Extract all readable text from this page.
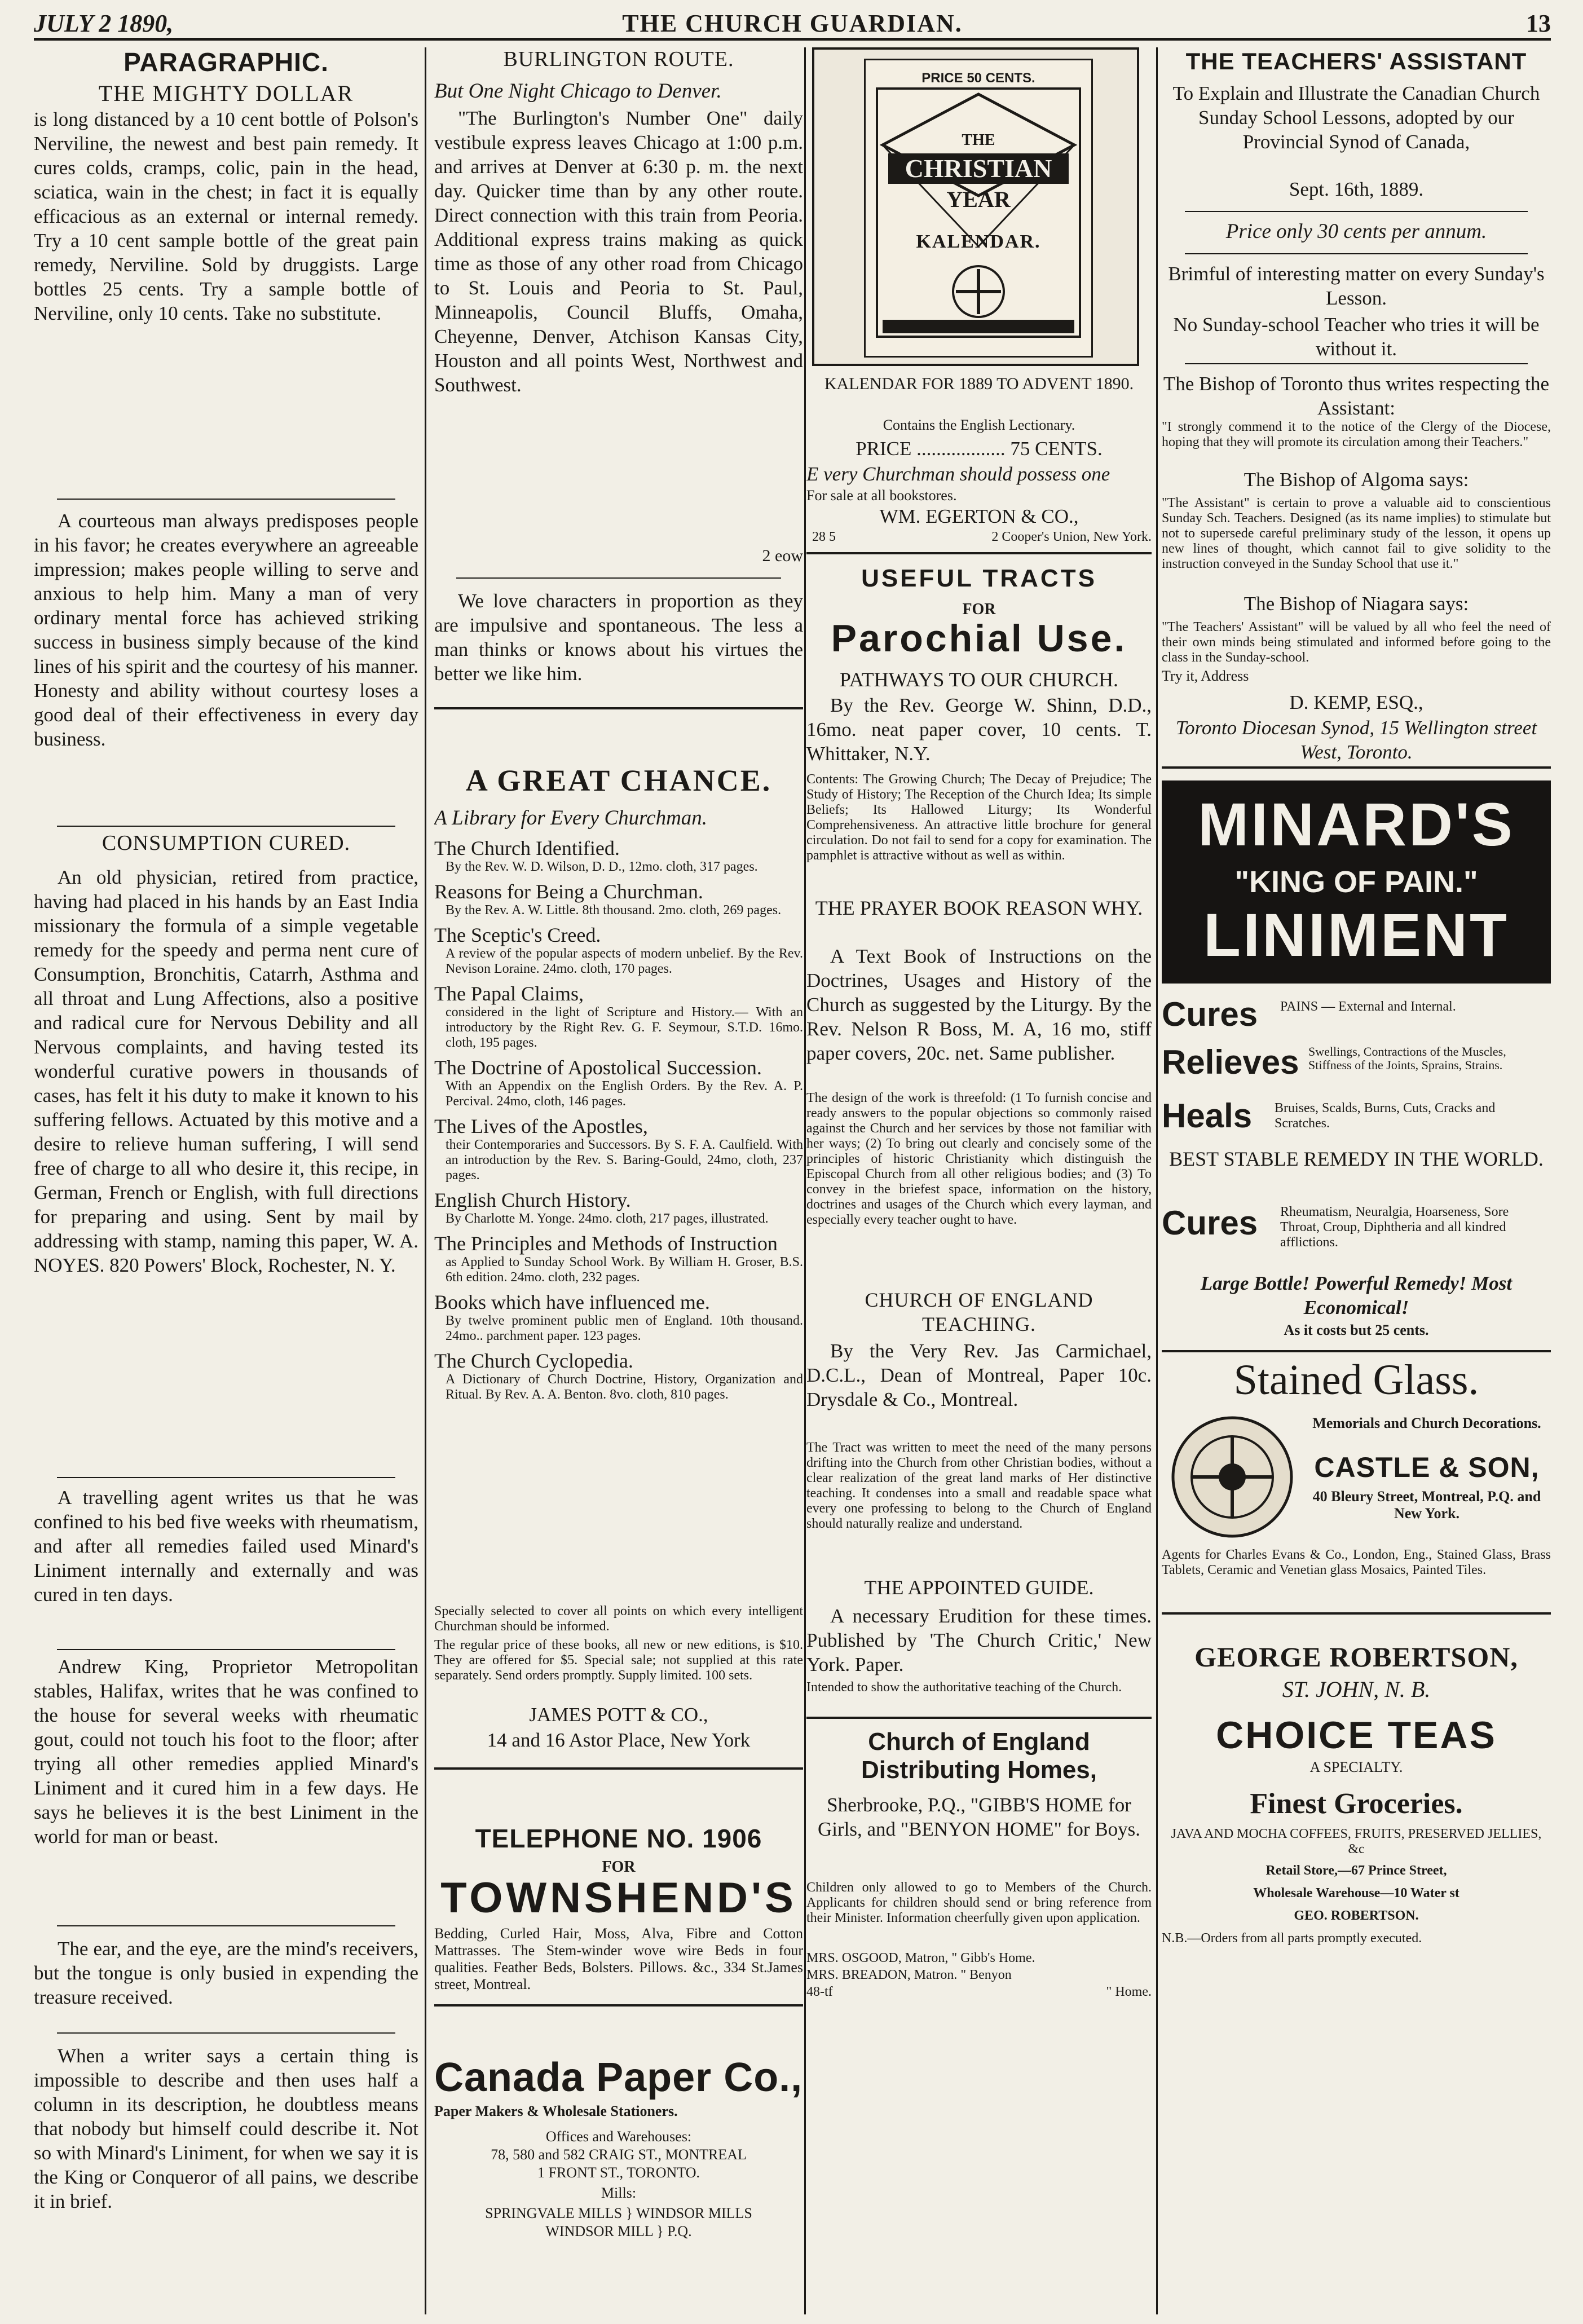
JULY 2 1890,	THE CHURCH GUARDIAN.	13
PARAGRAPHIC.
THE MIGHTY DOLLAR
is long distanced by a 10 cent bottle of Polson's Nerviline, the newest and best pain remedy. It cures colds, cramps, colic, pain in the head, sciatica, wain in the chest; in fact it is equally efficacious as an external or internal remedy. Try a 10 cent sample bottle of the great pain remedy, Nerviline. Sold by druggists. Large bottles 25 cents. Try a sample bottle of Nerviline, only 10 cents. Take no substitute.
A courteous man always predisposes people in his favor; he creates everywhere an agreeable impression; makes people willing to serve and anxious to help him. Many a man of very ordinary mental force has achieved striking success in business simply because of the kind lines of his spirit and the courtesy of his manner. Honesty and ability without courtesy loses a good deal of their effectiveness in every day business.
CONSUMPTION CURED.
An old physician, retired from practice, having had placed in his hands by an East India missionary the formula of a simple vegetable remedy for the speedy and perma nent cure of Consumption, Bronchitis, Catarrh, Asthma and all throat and Lung Affections, also a positive and radical cure for Nervous Debility and all Nervous complaints, and having tested its wonderful curative powers in thousands of cases, has felt it his duty to make it known to his suffering fellows. Actuated by this motive and a desire to relieve human suffering, I will send free of charge to all who desire it, this recipe, in German, French or English, with full directions for preparing and using. Sent by mail by addressing with stamp, naming this paper, W. A. NOYES. 820 Powers' Block, Rochester, N. Y.
A travelling agent writes us that he was confined to his bed five weeks with rheumatism, and after all remedies failed used Minard's Liniment internally and externally and was cured in ten days.
Andrew King, Proprietor Metropolitan stables, Halifax, writes that he was confined to the house for several weeks with rheumatic gout, could not touch his foot to the floor; after trying all other remedies applied Minard's Liniment and it cured him in a few days. He says he believes it is the best Liniment in the world for man or beast.
The ear, and the eye, are the mind's receivers, but the tongue is only busied in expending the treasure received.
When a writer says a certain thing is impossible to describe and then uses half a column in its description, he doubtless means that nobody but himself could describe it. Not so with Minard's Liniment, for when we say it is the King or Conqueror of all pains, we describe it in brief.
BURLINGTON ROUTE.
But One Night Chicago to Denver.
"The Burlington's Number One" daily vestibule express leaves Chicago at 1:00 p.m. and arrives at Denver at 6:30 p. m. the next day. Quicker time than by any other route. Direct connection with this train from Peoria. Additional express trains making as quick time as those of any other road from Chicago to St. Louis and Peoria to St. Paul, Minneapolis, Council Bluffs, Omaha, Cheyenne, Denver, Atchison Kansas City, Houston and all points West, Northwest and Southwest.
2 eow
We love characters in proportion as they are impulsive and spontaneous. The less a man thinks or knows about his virtues the better we like him.
A GREAT CHANCE.
A Library for Every Churchman.
The Church Identified.
By the Rev. W. D. Wilson, D. D., 12mo. cloth, 317 pages.
Reasons for Being a Churchman.
By the Rev. A. W. Little. 8th thousand. 2mo. cloth, 269 pages.
The Sceptic's Creed.
A review of the popular aspects of modern unbelief. By the Rev. Nevison Loraine. 24mo. cloth, 170 pages.
The Papal Claims,
considered in the light of Scripture and History.— With an introductory by the Right Rev. G. F. Seymour, S.T.D. 16mo. cloth, 195 pages.
The Doctrine of Apostolical Succession.
With an Appendix on the English Orders. By the Rev. A. P. Percival. 24mo, cloth, 146 pages.
The Lives of the Apostles,
their Contemporaries and Successors. By S. F. A. Caulfield. With an introduction by the Rev. S. Baring-Gould, 24mo, cloth, 237 pages.
English Church History.
By Charlotte M. Yonge. 24mo. cloth, 217 pages, illustrated.
The Principles and Methods of Instruction
as Applied to Sunday School Work. By William H. Groser, B.S. 6th edition. 24mo. cloth, 232 pages.
Books which have influenced me.
By twelve prominent public men of England. 10th thousand. 24mo.. parchment paper. 123 pages.
The Church Cyclopedia.
A Dictionary of Church Doctrine, History, Organization and Ritual. By Rev. A. A. Benton. 8vo. cloth, 810 pages.
Specially selected to cover all points on which every intelligent Churchman should be informed.
The regular price of these books, all new or new editions, is $10. They are offered for $5. Special sale; not supplied at this rate separately. Send orders promptly. Supply limited. 100 sets.
JAMES POTT & CO.,
14 and 16 Astor Place, New York
TELEPHONE NO. 1906
FOR
TOWNSHEND'S
Bedding, Curled Hair, Moss, Alva, Fibre and Cotton Mattrasses. The Stem-winder wove wire Beds in four qualities. Feather Beds, Bolsters. Pillows. &c., 334 St.James street, Montreal.
Canada Paper Co.,
Paper Makers & Wholesale Stationers.
Offices and Warehouses:
78, 580 and 582 CRAIG ST., MONTREAL
1 FRONT ST., TORONTO.
Mills:
SPRINGVALE MILLS } WINDSOR MILLS
WINDSOR MILL } P.Q.
PRICE 50 CENTS.
THE
CHRISTIAN
YEAR
KALENDAR.
KALENDAR FOR 1889 TO ADVENT 1890.
Contains the English Lectionary.
PRICE .................. 75 CENTS.
E very Churchman should possess one
For sale at all bookstores.
WM. EGERTON & CO.,
28 5	2 Cooper's Union, New York.
USEFUL TRACTS
FOR
Parochial Use.
PATHWAYS TO OUR CHURCH.
By the Rev. George W. Shinn, D.D., 16mo. neat paper cover, 10 cents. T. Whittaker, N.Y.
Contents: The Growing Church; The Decay of Prejudice; The Study of History; The Reception of the Church Idea; Its simple Beliefs; Its Hallowed Liturgy; Its Wonderful Comprehensiveness. An attractive little brochure for general circulation. Do not fail to send for a copy for examination. The pamphlet is attractive without as well as within.
THE PRAYER BOOK REASON WHY.
A Text Book of Instructions on the Doctrines, Usages and History of the Church as suggested by the Liturgy. By the Rev. Nelson R Boss, M. A, 16 mo, stiff paper covers, 20c. net. Same publisher.
The design of the work is threefold: (1 To furnish concise and ready answers to the popular objections so commonly raised against the Church and her services by those not familiar with her ways; (2) To bring out clearly and concisely some of the principles of historic Christianity which distinguish the Episcopal Church from all other religious bodies; and (3) To convey in the briefest space, information on the history, doctrines and usages of the Church which every layman, and especially every teacher ought to have.
CHURCH OF ENGLAND TEACHING.
By the Very Rev. Jas Carmichael, D.C.L., Dean of Montreal, Paper 10c. Drysdale & Co., Montreal.
The Tract was written to meet the need of the many persons drifting into the Church from other Christian bodies, without a clear realization of the great land marks of Her distinctive teaching. It condenses into a small and readable space what every one professing to belong to the Church of England should naturally realize and understand.
THE APPOINTED GUIDE.
A necessary Erudition for these times. Published by 'The Church Critic,' New York. Paper.
Intended to show the authoritative teaching of the Church.
Church of England Distributing Homes,
Sherbrooke, P.Q., "GIBB'S HOME for Girls, and "BENYON HOME" for Boys.
Children only allowed to go to Members of the Church. Applicants for children should send or bring reference from their Minister. Information cheerfully given upon application.
MRS. OSGOOD, Matron, " Gibb's Home.
MRS. BREADON, Matron. " Benyon
48-tf	" Home.
THE TEACHERS' ASSISTANT
To Explain and Illustrate the Canadian Church Sunday School Lessons, adopted by our Provincial Synod of Canada,
Sept. 16th, 1889.
Price only 30 cents per annum.
Brimful of interesting matter on every Sunday's Lesson.
No Sunday-school Teacher who tries it will be without it.
The Bishop of Toronto thus writes respecting the Assistant:
"I strongly commend it to the notice of the Clergy of the Diocese, hoping that they will promote its circulation among their Teachers."
The Bishop of Algoma says:
"The Assistant" is certain to prove a valuable aid to conscientious Sunday Sch. Teachers. Designed (as its name implies) to stimulate but not to supersede careful preliminary study of the lesson, it opens up new lines of thought, which cannot fail to give solidity to the instruction conveyed in the Sunday School that use it."
The Bishop of Niagara says:
"The Teachers' Assistant" will be valued by all who feel the need of their own minds being stimulated and informed before going to the class in the Sunday-school.
Try it, Address
D. KEMP, ESQ.,
Toronto Diocesan Synod, 15 Wellington street West, Toronto.
MINARD'S
"KING OF PAIN."
LINIMENT
Cures PAINS — External and Internal.
Relieves Swellings, Contractions of the Muscles, Stiffness of the Joints, Sprains, Strains.
Heals Bruises, Scalds, Burns, Cuts, Cracks and Scratches.
BEST STABLE REMEDY IN THE WORLD.
Cures Rheumatism, Neuralgia, Hoarseness, Sore Throat, Croup, Diphtheria and all kindred afflictions.
Large Bottle! Powerful Remedy! Most Economical!
As it costs but 25 cents.
Stained Glass.
Memorials and Church Decorations.
CASTLE & SON,
40 Bleury Street, Montreal, P.Q. and New York.
Agents for Charles Evans & Co., London, Eng., Stained Glass, Brass Tablets, Ceramic and Venetian glass Mosaics, Painted Tiles.
GEORGE ROBERTSON,
ST. JOHN, N. B.
CHOICE TEAS
A SPECIALTY.
Finest Groceries.
JAVA AND MOCHA COFFEES, FRUITS, PRESERVED JELLIES, &c
Retail Store,—67 Prince Street,
Wholesale Warehouse—10 Water st
GEO. ROBERTSON.
N.B.—Orders from all parts promptly executed.
